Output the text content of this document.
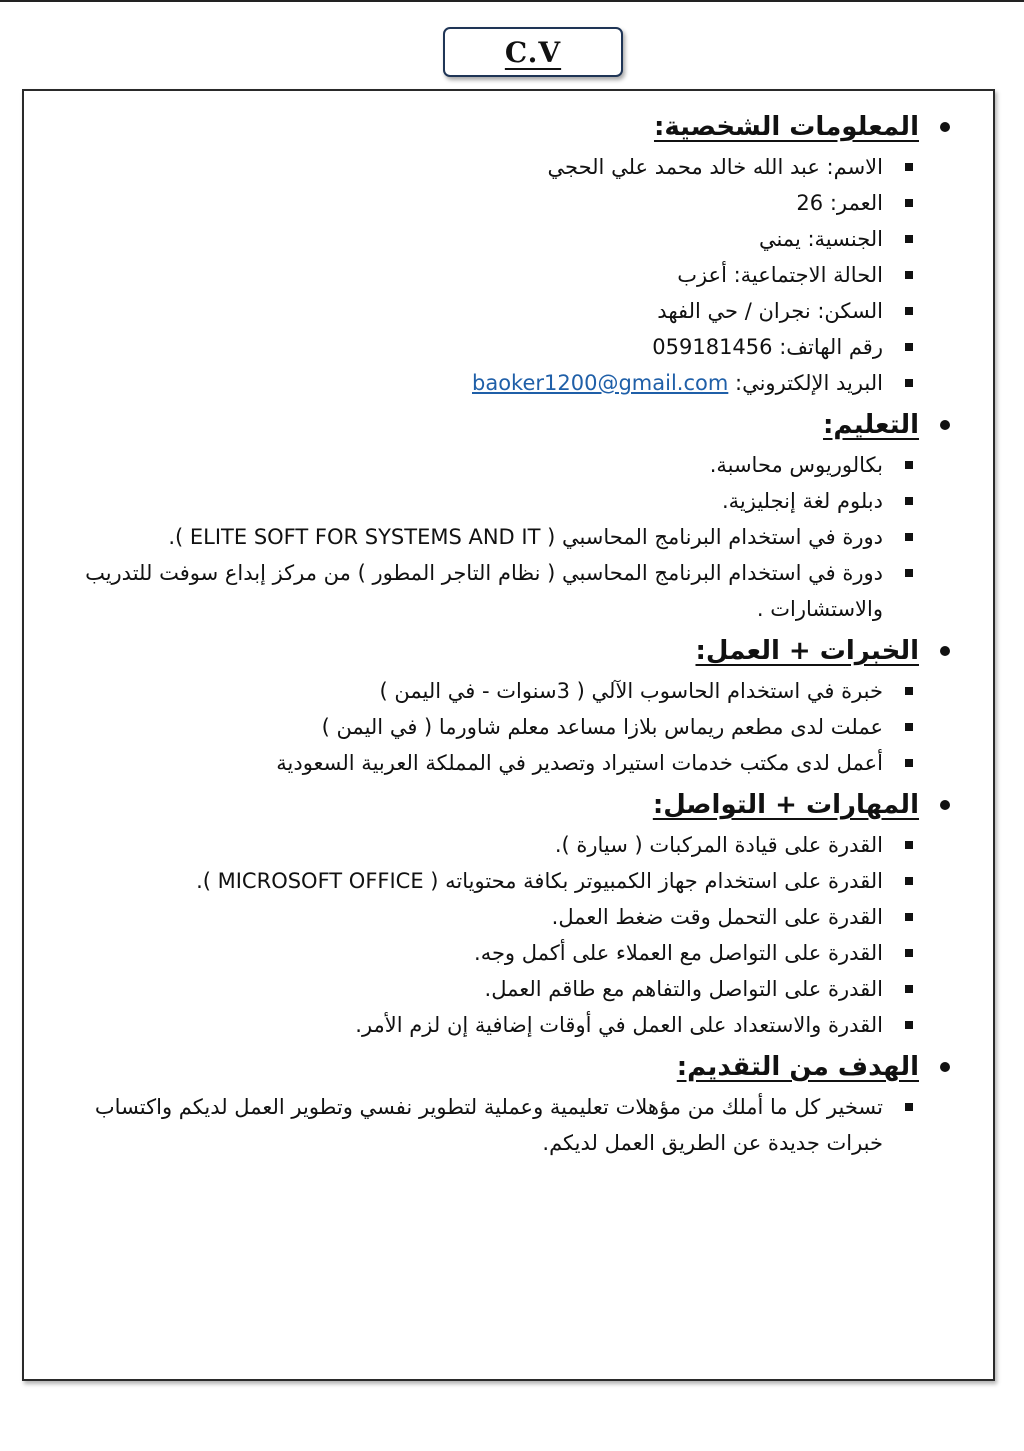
C.V
المعلومات الشخصية:
الاسم: عبد الله خالد محمد علي الحجي
العمر: 26
الجنسية: يمني
الحالة الاجتماعية: أعزب
السكن: نجران / حي الفهد
رقم الهاتف: 059181456
البريد الإلكتروني: baoker1200@gmail.com
التعليم:
بكالوريوس محاسبة.
دبلوم لغة إنجليزية.
دورة في استخدام البرنامج المحاسبي ( ELITE SOFT FOR SYSTEMS AND IT ).
دورة في استخدام البرنامج المحاسبي ( نظام التاجر المطور ) من مركز إبداع سوفت للتدريب والاستشارات .
الخبرات + العمل:
خبرة في استخدام الحاسوب الآلي ( 3سنوات - في اليمن )
عملت لدى مطعم ريماس بلازا مساعد معلم شاورما ( في اليمن )
أعمل لدى مكتب خدمات استيراد وتصدير في المملكة العربية السعودية
المهارات + التواصل:
القدرة على قيادة المركبات ( سيارة ).
القدرة على استخدام جهاز الكمبيوتر بكافة محتوياته ( MICROSOFT OFFICE ).
القدرة على التحمل وقت ضغط العمل.
القدرة على التواصل مع العملاء على أكمل وجه.
القدرة على التواصل والتفاهم مع طاقم العمل.
القدرة والاستعداد على العمل في أوقات إضافية إن لزم الأمر.
الهدف من التقديم:
تسخير كل ما أملك من مؤهلات تعليمية وعملية لتطوير نفسي وتطوير العمل لديكم واكتساب خبرات جديدة عن الطريق العمل لديكم.
